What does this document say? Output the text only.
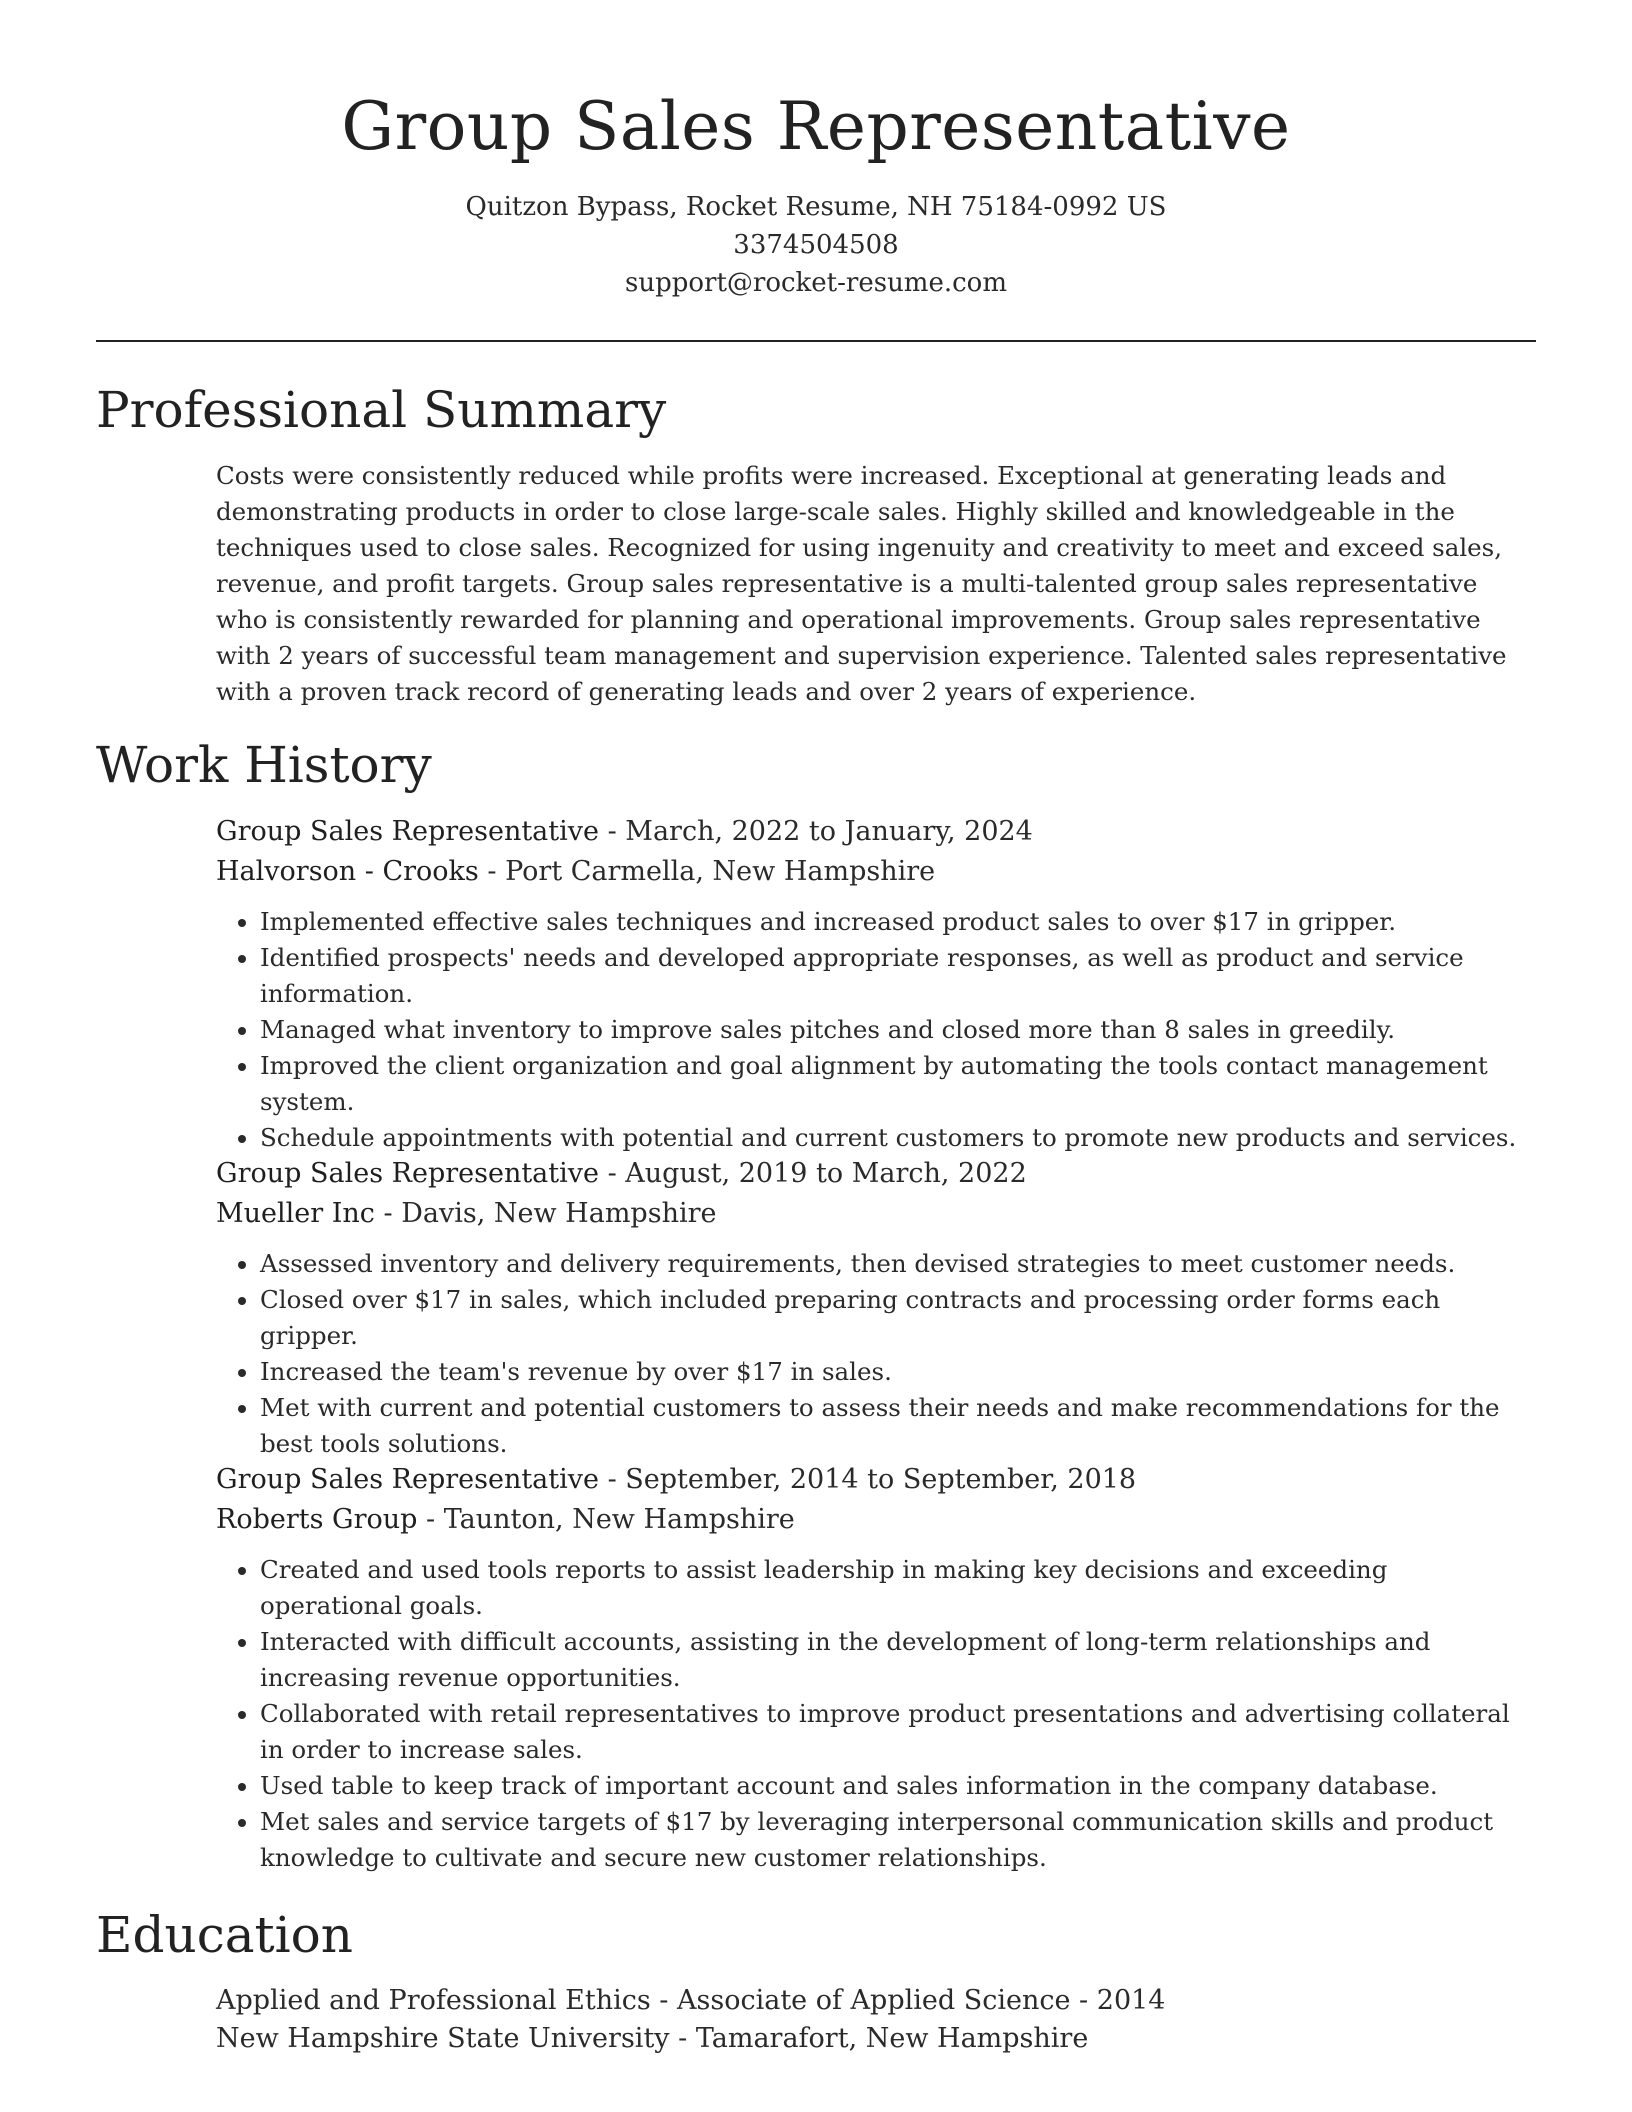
Group Sales Representative
Quitzon Bypass, Rocket Resume, NH 75184-0992 US
3374504508
support@rocket-resume.com
Professional Summary

Costs were consistently reduced while profits were increased. Exceptional at generating leads and demonstrating products in order to close large-scale sales. Highly skilled and knowledgeable in the techniques used to close sales. Recognized for using ingenuity and creativity to meet and exceed sales, revenue, and profit targets. Group sales representative is a multi-talented group sales representative who is consistently rewarded for planning and operational improvements. Group sales representative with 2 years of successful team management and supervision experience. Talented sales representative with a proven track record of generating leads and over 2 years of experience.

Work History
Group Sales Representative - March, 2022 to January, 2024
Halvorson - Crooks - Port Carmella, New Hampshire
• Implemented effective sales techniques and increased product sales to over $17 in gripper.
• Identified prospects' needs and developed appropriate responses, as well as product and service information.
• Managed what inventory to improve sales pitches and closed more than 8 sales in greedily.
• Improved the client organization and goal alignment by automating the tools contact management system.
• Schedule appointments with potential and current customers to promote new products and services.
Group Sales Representative - August, 2019 to March, 2022
Mueller Inc - Davis, New Hampshire
• Assessed inventory and delivery requirements, then devised strategies to meet customer needs.
• Closed over $17 in sales, which included preparing contracts and processing order forms each gripper.
• Increased the team's revenue by over $17 in sales.
• Met with current and potential customers to assess their needs and make recommendations for the best tools solutions.
Group Sales Representative - September, 2014 to September, 2018
Roberts Group - Taunton, New Hampshire
• Created and used tools reports to assist leadership in making key decisions and exceeding operational goals.
• Interacted with difficult accounts, assisting in the development of long-term relationships and increasing revenue opportunities.
• Collaborated with retail representatives to improve product presentations and advertising collateral in order to increase sales.
• Used table to keep track of important account and sales information in the company database.
• Met sales and service targets of $17 by leveraging interpersonal communication skills and product knowledge to cultivate and secure new customer relationships.
Education
Applied and Professional Ethics - Associate of Applied Science - 2014
New Hampshire State University - Tamarafort, New Hampshire
